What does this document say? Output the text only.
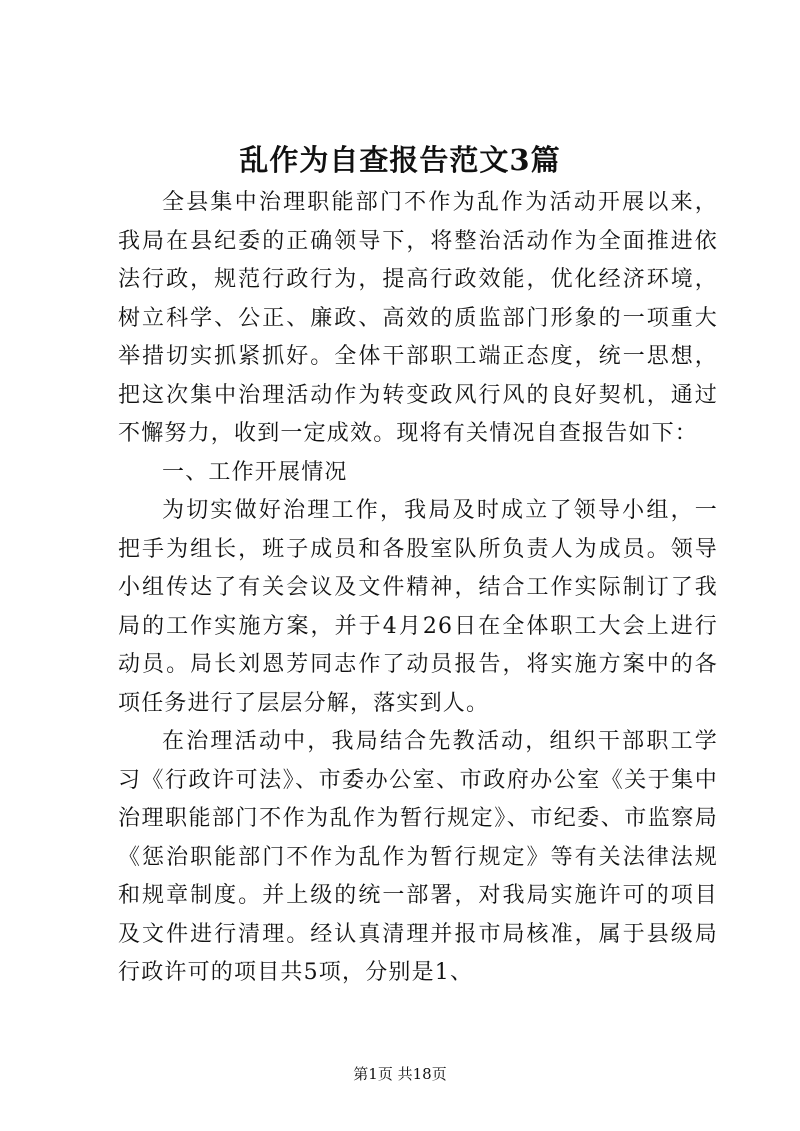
乱作为自查报告范文3篇

全县集中治理职能部门不作为乱作为活动开展以来，我局在县纪委的正确领导下，将整治活动作为全面推进依法行政，规范行政行为，提高行政效能，优化经济环境，树立科学、公正、廉政、高效的质监部门形象的一项重大举措切实抓紧抓好。全体干部职工端正态度，统一思想，把这次集中治理活动作为转变政风行风的良好契机，通过不懈努力，收到一定成效。现将有关情况自查报告如下：

一、工作开展情况

为切实做好治理工作，我局及时成立了领导小组，一把手为组长，班子成员和各股室队所负责人为成员。领导小组传达了有关会议及文件精神，结合工作实际制订了我局的工作实施方案，并于4月26日在全体职工大会上进行动员。局长刘恩芳同志作了动员报告，将实施方案中的各项任务进行了层层分解，落实到人。

在治理活动中，我局结合先教活动，组织干部职工学习《行政许可法》、市委办公室、市政府办公室《关于集中治理职能部门不作为乱作为暂行规定》、市纪委、市监察局《惩治职能部门不作为乱作为暂行规定》等有关法律法规和规章制度。并上级的统一部署，对我局实施许可的项目及文件进行清理。经认真清理并报市局核准，属于县级局行政许可的项目共5项，分别是1、

第1页 共18页
